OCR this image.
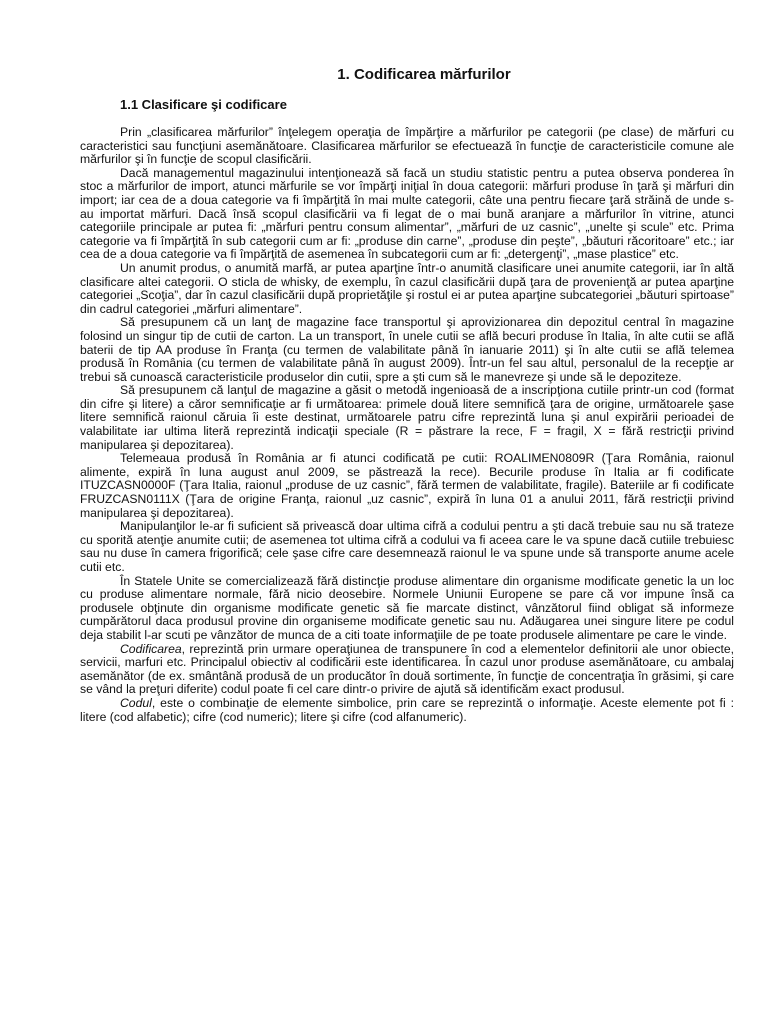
1. Codificarea mărfurilor
1.1 Clasificare şi codificare

Prin „clasificarea mărfurilor” înţelegem operaţia de împărţire a mărfurilor pe categorii (pe clase) de mărfuri cu caracteristici sau funcţiuni asemănătoare. Clasificarea mărfurilor se efectuează în funcţie de caracteristicile comune ale mărfurilor şi în funcţie de scopul clasificării.

Dacă managementul magazinului intenţionează să facă un studiu statistic pentru a putea observa ponderea în stoc a mărfurilor de import, atunci mărfurile se vor împărţi iniţial în doua categorii: mărfuri produse în ţară şi mărfuri din import; iar cea de a doua categorie va fi împărţită în mai multe categorii, câte una pentru fiecare ţară străină de unde s-au importat mărfuri. Dacă însă scopul clasificării va fi legat de o mai bună aranjare a mărfurilor în vitrine, atunci categoriile principale ar putea fi: „mărfuri pentru consum alimentar”, „mărfuri de uz casnic”, „unelte şi scule” etc. Prima categorie va fi împărţită în sub categorii cum ar fi: „produse din carne”, „produse din peşte”, „băuturi răcoritoare” etc.; iar cea de a doua categorie va fi împărţită de asemenea în subcategorii cum ar fi: „detergenţi”, „mase plastice” etc.

Un anumit produs, o anumită marfă, ar putea aparţine într-o anumită clasificare unei anumite categorii, iar în altă clasificare altei categorii. O sticla de whisky, de exemplu, în cazul clasificării după ţara de provenienţă ar putea aparţine categoriei „Scoţia”, dar în cazul clasificării după proprietăţile şi rostul ei ar putea aparţine subcategoriei „băuturi spirtoase” din cadrul categoriei „mărfuri alimentare”.

Să presupunem că un lanţ de magazine face transportul şi aprovizionarea din depozitul central în magazine folosind un singur tip de cutii de carton. La un transport, în unele cutii se află becuri produse în Italia, în alte cutii se află baterii de tip AA produse în Franţa (cu termen de valabilitate până în ianuarie 2011) şi în alte cutii se află telemea produsă în România (cu termen de valabilitate până în august 2009). Într-un fel sau altul, personalul de la recepţie ar trebui să cunoască caracteristicile produselor din cutii, spre a şti cum să le manevreze şi unde să le depoziteze.

Să presupunem că lanţul de magazine a găsit o metodă ingenioasă de a inscripţiona cutiile printr-un cod (format din cifre şi litere) a căror semnificaţie ar fi următoarea: primele două litere semnifică ţara de origine, următoarele şase litere semnifică raionul căruia îi este destinat, următoarele patru cifre reprezintă luna şi anul expirării perioadei de valabilitate iar ultima literă reprezintă indicaţii speciale (R = păstrare la rece, F = fragil, X = fără restricţii privind manipularea şi depozitarea).

Telemeaua produsă în România ar fi atunci codificată pe cutii: ROALIMEN0809R (Ţara România, raionul alimente, expiră în luna august anul 2009, se păstrează la rece). Becurile produse în Italia ar fi codificate ITUZCASN0000F (Ţara Italia, raionul „produse de uz casnic”, fără termen de valabilitate, fragile). Bateriile ar fi codificate FRUZCASN0111X (Ţara de origine Franţa, raionul „uz casnic”, expiră în luna 01 a anului 2011, fără restricţii privind manipularea şi depozitarea).

Manipulanţilor le-ar fi suficient să privească doar ultima cifră a codului pentru a şti dacă trebuie sau nu să trateze cu sporită atenţie anumite cutii; de asemenea tot ultima cifră a codului va fi aceea care le va spune dacă cutiile trebuiesc sau nu duse în camera frigorifică; cele şase cifre care desemnează raionul le va spune unde să transporte anume acele cutii etc.

În Statele Unite se comercializează fără distincţie produse alimentare din organisme modificate genetic la un loc cu produse alimentare normale, fără nicio deosebire. Normele Uniunii Europene se pare că vor impune însă ca produsele obţinute din organisme modificate genetic să fie marcate distinct, vânzătorul fiind obligat să informeze cumpărătorul daca produsul provine din organiseme modificate genetic sau nu. Adăugarea unei singure litere pe codul deja stabilit l-ar scuti pe vânzător de munca de a citi toate informaţiile de pe toate produsele alimentare pe care le vinde.

Codificarea, reprezintă prin urmare operaţiunea de transpunere în cod a elementelor definitorii ale unor obiecte, servicii, marfuri etc. Principalul obiectiv al codificării este identificarea. În cazul unor produse asemănătoare, cu ambalaj asemănător (de ex. smântână produsă de un producător în două sortimente, în funcţie de concentraţia în grăsimi, şi care se vând la preţuri diferite) codul poate fi cel care dintr-o privire de ajută să identificăm exact produsul.

Codul, este o combinaţie de elemente simbolice, prin care se reprezintă o informaţie. Aceste elemente pot fi : litere (cod alfabetic); cifre (cod numeric); litere şi cifre (cod alfanumeric).
